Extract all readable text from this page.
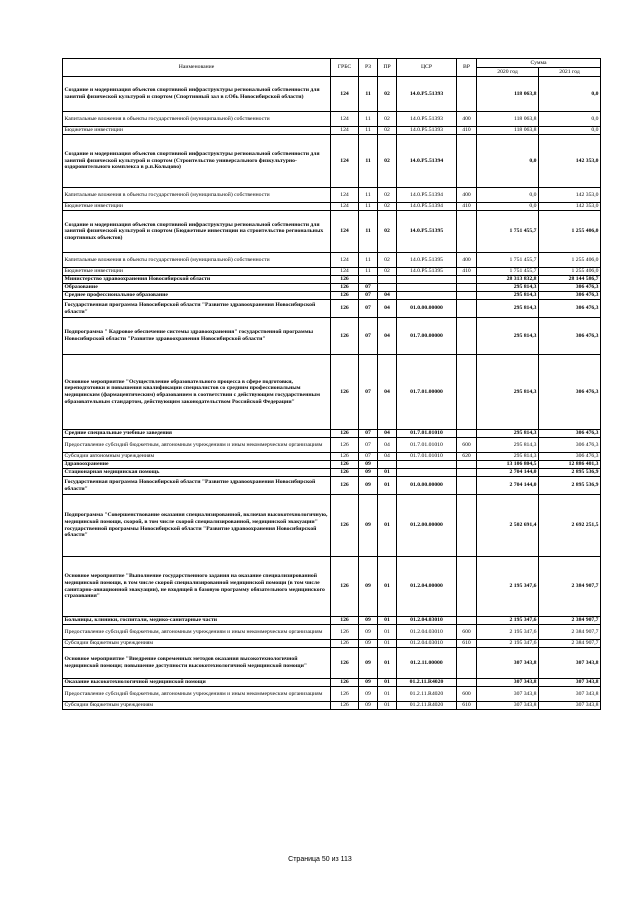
Наименование	ГРБС	РЗ	ПР	ЦСР	ВР	Сумма	
						2020 год	2021 год
Создание и модернизация объектов спортивной инфраструктуры региональной собственности для занятий физической культурой и спортом (Спортивный зал в г.Обь Новосибирской области)	124	11	02	14.0.P5.51393		118 063,8	0,0
Капитальные вложения в объекты государственной (муниципальной) собственности	124	11	02	14.0.P5.51393	400	118 063,8	0,0
Бюджетные инвестиции	124	11	02	14.0.P5.51393	410	118 063,8	0,0
Создание и модернизация объектов спортивной инфраструктуры региональной собственности для занятий физической культурой и спортом (Строительство универсального физкультурно-оздоровительного комплекса в р.п.Кольцово)	124	11	02	14.0.P5.51394		0,0	142 353,0
Капитальные вложения в объекты государственной (муниципальной) собственности	124	11	02	14.0.P5.51394	400	0,0	142 353,0
Бюджетные инвестиции	124	11	02	14.0.P5.51394	410	0,0	142 353,0
Создание и модернизация объектов спортивной инфраструктуры региональной собственности для занятий физической культурой и спортом (Бюджетные инвестиции на строительство региональных спортивных объектов)	124	11	02	14.0.P5.51395		1 751 455,7	1 255 406,0
Капитальные вложения в объекты государственной (муниципальной) собственности	124	11	02	14.0.P5.51395	400	1 751 455,7	1 255 406,0
Бюджетные инвестиции	124	11	02	14.0.P5.51395	410	1 751 455,7	1 255 406,0
Министерство здравоохранения Новосибирской области	126					28 313 832,8	28 144 586,7
Образование	126	07				295 814,3	306 476,3
Среднее профессиональное образование	126	07	04			295 814,3	306 476,3
Государственная программа Новосибирской области "Развитие здравоохранения Новосибирской области"	126	07	04	01.0.00.00000		295 814,3	306 476,3
Подпрограмма " Кадровое обеспечение системы здравоохранения" государственной программы Новосибирской области "Развитие здравоохранения Новосибирской области"	126	07	04	01.7.00.00000		295 814,3	306 476,3
Основное мероприятие "Осуществление образовательного процесса в сфере подготовки, переподготовки и повышения квалификации специалистов со средним профессиональным медицинским (фармацевтическим) образованием в соответствии с действующим государственным образовательным стандартом, действующим законодательством Российской Федерации"	126	07	04	01.7.01.00000		295 814,3	306 476,3
Средние специальные учебные заведения	126	07	04	01.7.01.01010		295 814,3	306 476,3
Предоставление субсидий бюджетным, автономным учреждениям и иным некоммерческим организациям	126	07	04	01.7.01.01010	600	295 814,3	306 476,3
Субсидии автономным учреждениям	126	07	04	01.7.01.01010	620	295 814,3	306 476,3
Здравоохранение	126	09				13 106 804,5	12 886 401,3
Стационарная медицинская помощь	126	09	01			2 704 144,0	2 895 536,9
Государственная программа Новосибирской области "Развитие здравоохранения Новосибирской области"	126	09	01	01.0.00.00000		2 704 144,0	2 895 536,9
Подпрограмма "Совершенствование оказания специализированной, включая высокотехнологичную, медицинской помощи, скорой, в том числе скорой специализированной, медицинской эвакуации" государственной программы Новосибирской области "Развитие здравоохранения Новосибирской области"	126	09	01	01.2.00.00000		2 502 691,4	2 692 251,5
Основное мероприятие "Выполнение государственного задания на оказание специализированной медицинской помощи, в том числе скорой специализированной медицинской помощи (в том числе санитарно-авиационной эвакуации), не входящей в базовую программу обязательного медицинского страхования"	126	09	01	01.2.04.00000		2 195 347,6	2 384 907,7
Больницы, клиники, госпитали, медико-санитарные части	126	09	01	01.2.04.03010		2 195 347,6	2 384 907,7
Предоставление субсидий бюджетным, автономным учреждениям и иным некоммерческим организациям	126	09	01	01.2.04.03010	600	2 195 347,6	2 384 907,7
Субсидии бюджетным учреждениям	126	09	01	01.2.04.03010	610	2 195 347,6	2 384 907,7
Основное мероприятие "Внедрение современных методов оказания высокотехнологичной медицинской помощи; повышение доступности высокотехнологичной медицинской помощи"	126	09	01	01.2.11.00000		307 343,8	307 343,8
Оказание высокотехнологичной медицинской помощи	126	09	01	01.2.11.R4020		307 343,8	307 343,8
Предоставление субсидий бюджетным, автономным учреждениям и иным некоммерческим организациям	126	09	01	01.2.11.R4020	600	307 343,8	307 343,8
Субсидии бюджетным учреждениям	126	09	01	01.2.11.R4020	610	307 343,8	307 343,8
Страница 50 из 113
